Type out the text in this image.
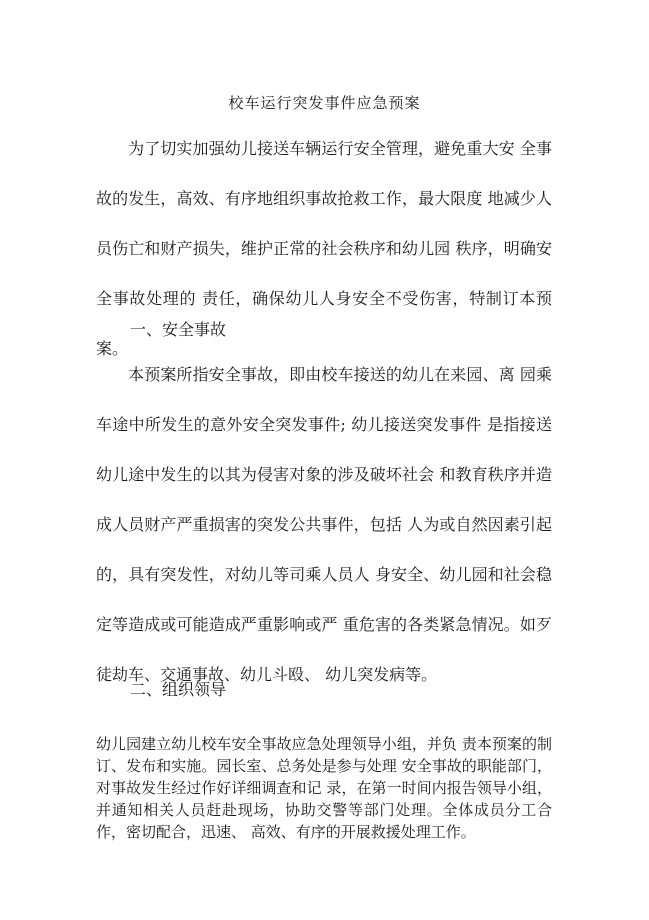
校车运行突发事件应急预案
为了切实加强幼儿接送车辆运行安全管理，避免重大安 全事故的发生，高效、有序地组织事故抢救工作，最大限度 地减少人员伤亡和财产损失，维护正常的社会秩序和幼儿园 秩序，明确安全事故处理的 责任，确保幼儿人身安全不受伤害，特制订本预案。
一、安全事故
本预案所指安全事故，即由校车接送的幼儿在来园、离 园乘车途中所发生的意外安全突发事件; 幼儿接送突发事件 是指接送幼儿途中发生的以其为侵害对象的涉及破坏社会 和教育秩序并造成人员财产严重损害的突发公共事件，包括 人为或自然因素引起的，具有突发性，对幼儿等司乘人员人 身安全、幼儿园和社会稳定等造成或可能造成严重影响或严 重危害的各类紧急情况。如歹徒劫车、交通事故、幼儿斗殴、 幼儿突发病等。
二、组织领导
幼儿园建立幼儿校车安全事故应急处理领导小组，并负 责本预案的制订、发布和实施。园长室、总务处是参与处理 安全事故的职能部门，对事故发生经过作好详细调查和记 录，在第一时间内报告领导小组，并通知相关人员赶赴现场，协助交警等部门处理。全体成员分工合作，密切配合，迅速、 高效、有序的开展救援处理工作。
